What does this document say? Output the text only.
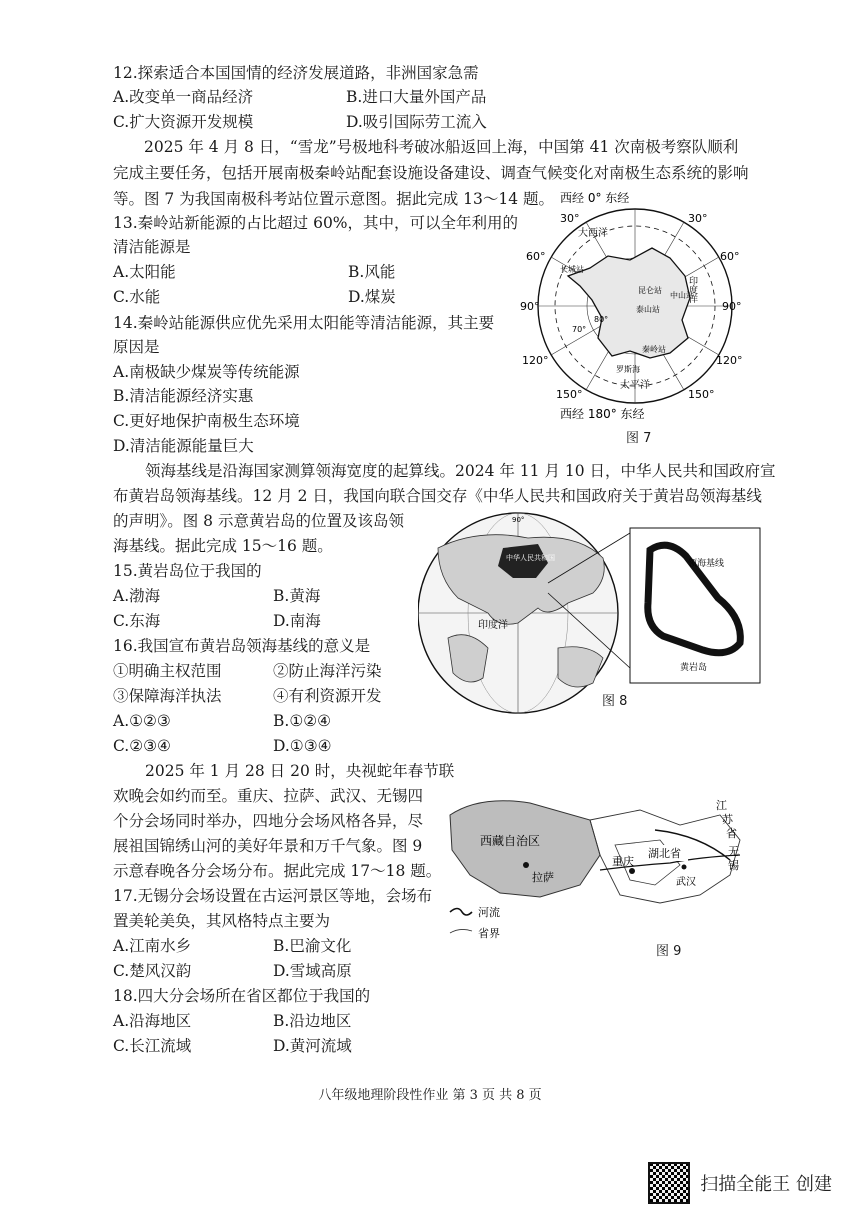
12.探索适合本国国情的经济发展道路，非洲国家急需
A.改变单一商品经济	B.进口大量外国产品
C.扩大资源开发规模	D.吸引国际劳工流入
2025 年 4 月 8 日，“雪龙”号极地科考破冰船返回上海，中国第 41 次南极考察队顺利完成主要任务，包括开展南极秦岭站配套设施设备建设、调查气候变化对南极生态系统的影响等。图 7 为我国南极科考站位置示意图。据此完成 13～14 题。
13.秦岭站新能源的占比超过 60%，其中，可以全年利用的
清洁能源是
A.太阳能	B.风能
C.水能	D.煤炭
14.秦岭站能源供应优先采用太阳能等清洁能源，其主要
原因是
A.南极缺少煤炭等传统能源
B.清洁能源经济实惠
C.更好地保护南极生态环境
D.清洁能源能量巨大
西经 0° 东经
大西洋
印度洋
太平洋
长城站
中山站
昆仑站
泰山站
秦岭站
罗斯海
70°
80°
30°	30°
60°	60°
90°	90°
120°	120°
150°	150°
西经 180° 东经
图 7
领海基线是沿海国家测算领海宽度的起算线。2024 年 11 月 10 日，中华人民共和国政府宣
布黄岩岛领海基线。12 月 2 日，我国向联合国交存《中华人民共和国政府关于黄岩岛领海基线
的声明》。图 8 示意黄岩岛的位置及该岛领
海基线。据此完成 15～16 题。
15.黄岩岛位于我国的
A.渤海	B.黄海
C.东海	D.南海
16.我国宣布黄岩岛领海基线的意义是
①明确主权范围	②防止海洋污染
③保障海洋执法	④有利资源开发
A.①②③	B.①②④
C.②③④	D.①③④
中华人民共和国
印度洋
90°
领海基线
黄岩岛
图 8
2025 年 1 月 28 日 20 时，央视蛇年春节联
欢晚会如约而至。重庆、拉萨、武汉、无锡四
个分会场同时举办，四地分会场风格各异，尽
展祖国锦绣山河的美好年景和万千气象。图 9
示意春晚各分会场分布。据此完成 17～18 题。
17.无锡分会场设置在古运河景区等地，会场布
置美轮美奂，其风格特点主要为
A.江南水乡	B.巴渝文化
C.楚风汉韵	D.雪域高原
18.四大分会场所在省区都位于我国的
A.沿海地区	B.沿边地区
C.长江流域	D.黄河流域
西藏自治区
拉萨
重庆
湖北省
武汉
江
苏
省
无
锡
河流
省界
图 9
八年级地理阶段性作业 第 3 页 共 8 页
扫描全能王 创建
